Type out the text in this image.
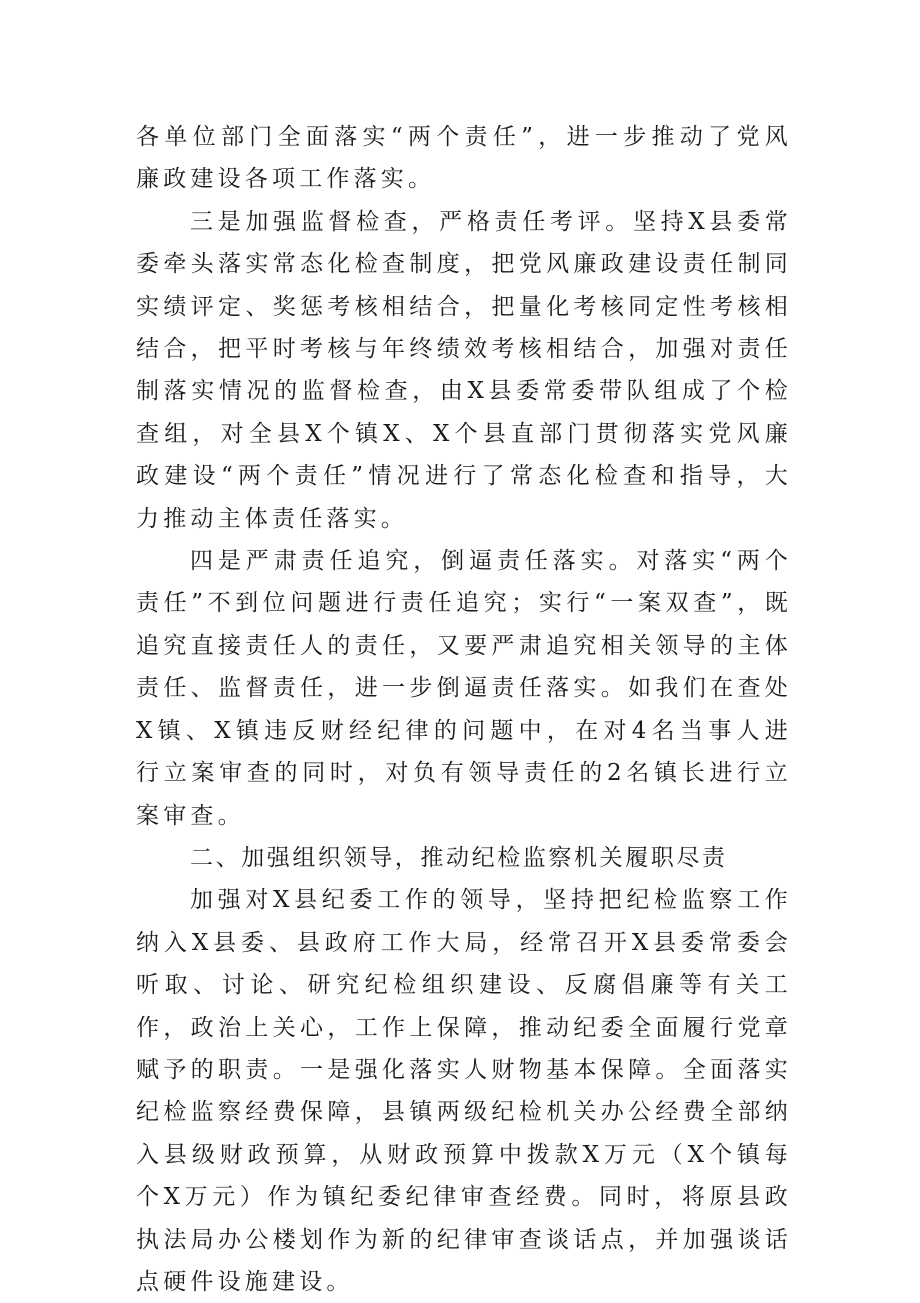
各单位部门全面落实“两个责任”，进一步推动了党风廉政建设各项工作落实。

三是加强监督检查，严格责任考评。坚持X县委常委牵头落实常态化检查制度，把党风廉政建设责任制同实绩评定、奖惩考核相结合，把量化考核同定性考核相结合，把平时考核与年终绩效考核相结合，加强对责任制落实情况的监督检查，由X县委常委带队组成了个检查组，对全县X个镇X、X个县直部门贯彻落实党风廉政建设“两个责任”情况进行了常态化检查和指导，大力推动主体责任落实。

四是严肃责任追究，倒逼责任落实。对落实“两个责任”不到位问题进行责任追究；实行“一案双查”，既追究直接责任人的责任，又要严肃追究相关领导的主体责任、监督责任，进一步倒逼责任落实。如我们在查处X镇、X镇违反财经纪律的问题中，在对4名当事人进行立案审查的同时，对负有领导责任的2名镇长进行立案审查。

二、加强组织领导，推动纪检监察机关履职尽责

加强对X县纪委工作的领导，坚持把纪检监察工作纳入X县委、县政府工作大局，经常召开X县委常委会听取、讨论、研究纪检组织建设、反腐倡廉等有关工作，政治上关心，工作上保障，推动纪委全面履行党章赋予的职责。一是强化落实人财物基本保障。全面落实纪检监察经费保障，县镇两级纪检机关办公经费全部纳入县级财政预算，从财政预算中拨款X万元（X个镇每个X万元）作为镇纪委纪律审查经费。同时，将原县政执法局办公楼划作为新的纪律审查谈话点，并加强谈话点硬件设施建设。
